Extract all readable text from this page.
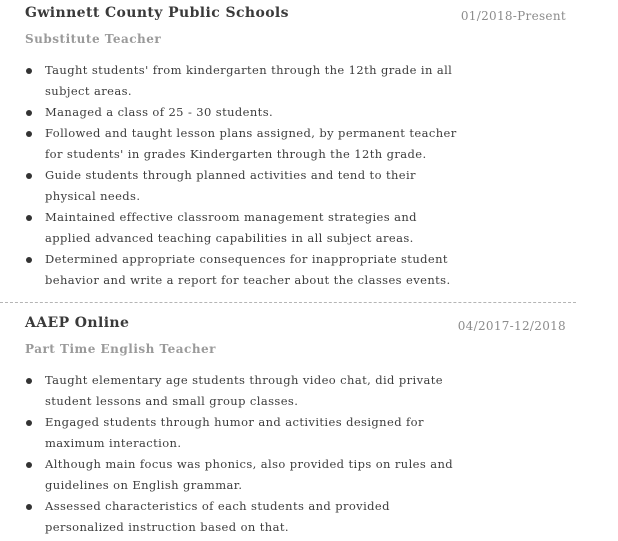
Gwinnett County Public Schools	01/2018-Present
Substitute Teacher
Taught students' from kindergarten through the 12th grade in all subject areas.
Managed a class of 25 - 30 students.
Followed and taught lesson plans assigned, by permanent teacher for students' in grades Kindergarten through the 12th grade.
Guide students through planned activities and tend to their physical needs.
Maintained effective classroom management strategies and applied advanced teaching capabilities in all subject areas.
Determined appropriate consequences for inappropriate student behavior and write a report for teacher about the classes events.
AAEP Online	04/2017-12/2018
Part Time English Teacher
Taught elementary age students through video chat, did private student lessons and small group classes.
Engaged students through humor and activities designed for maximum interaction.
Although main focus was phonics, also provided tips on rules and guidelines on English grammar.
Assessed characteristics of each students and provided personalized instruction based on that.
